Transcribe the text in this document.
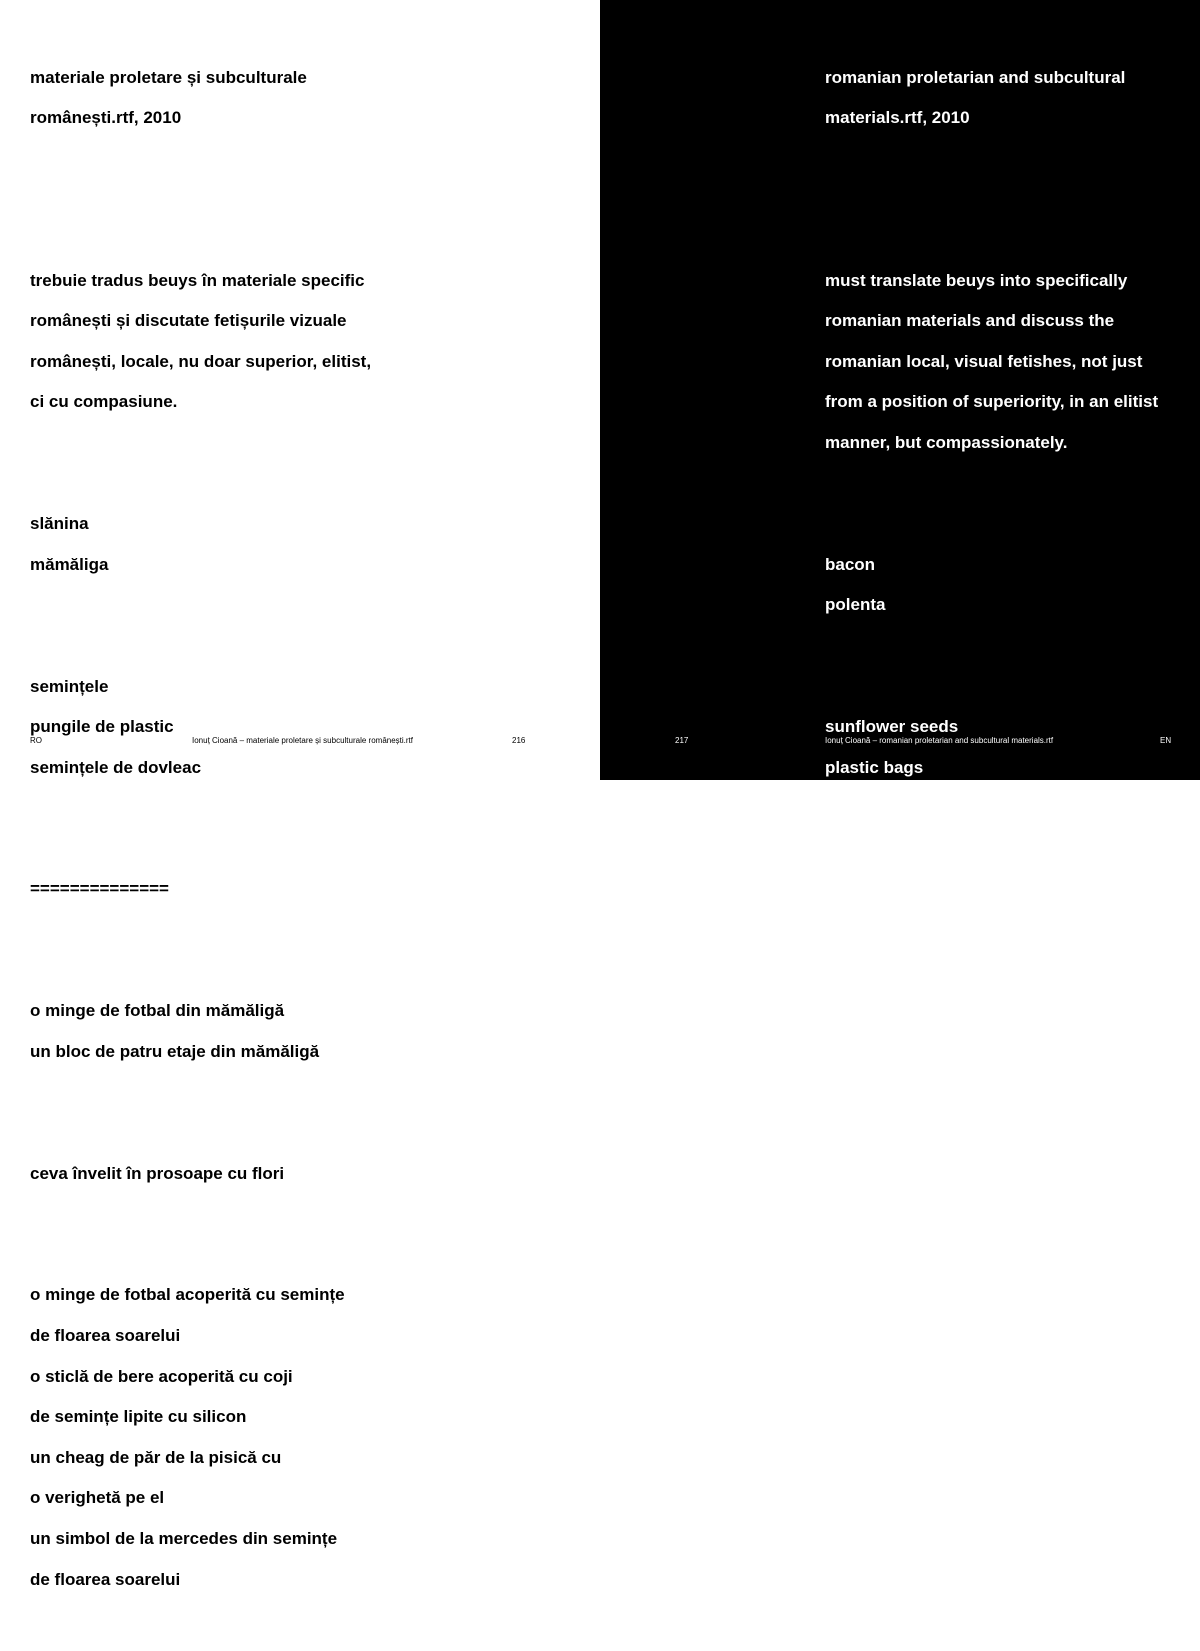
materiale proletare și subculturale

românești.rtf, 2010

trebuie tradus beuys în materiale specific

românești și discutate fetișurile vizuale

românești, locale, nu doar superior, elitist,

ci cu compasiune.

slănina

mămăliga

semințele

pungile de plastic

semințele de dovleac

==============

o minge de fotbal din mămăligă

un bloc de patru etaje din mămăligă

ceva învelit în prosoape cu flori

o minge de fotbal acoperită cu semințe

de floarea soarelui

o sticlă de bere acoperită cu coji

de semințe lipite cu silicon

un cheag de păr de la pisică cu

o verighetă pe el

un simbol de la mercedes din semințe

de floarea soarelui

RO	Ionuț Cioană – materiale proletare și subculturale românești.rtf	216

romanian proletarian and subcultural

materials.rtf, 2010

must translate beuys into specifically

romanian materials and discuss the

romanian local, visual fetishes, not just

from a position of superiority, in an elitist

manner, but compassionately.

bacon

polenta

sunflower seeds

plastic bags

pumpkin seeds

==============

a polenta soccer ball

a four-story high polenta apartment

building

something covered in towels embroidered

with floral motifs

a soccer ball covered in sunflower seeds

a beer bottle covered in seed pods glued

with silicone

a clump of cat hair with a wedding

ring on it

217	Ionuț Cioană – romanian proletarian and subcultural materials.rtf	EN
